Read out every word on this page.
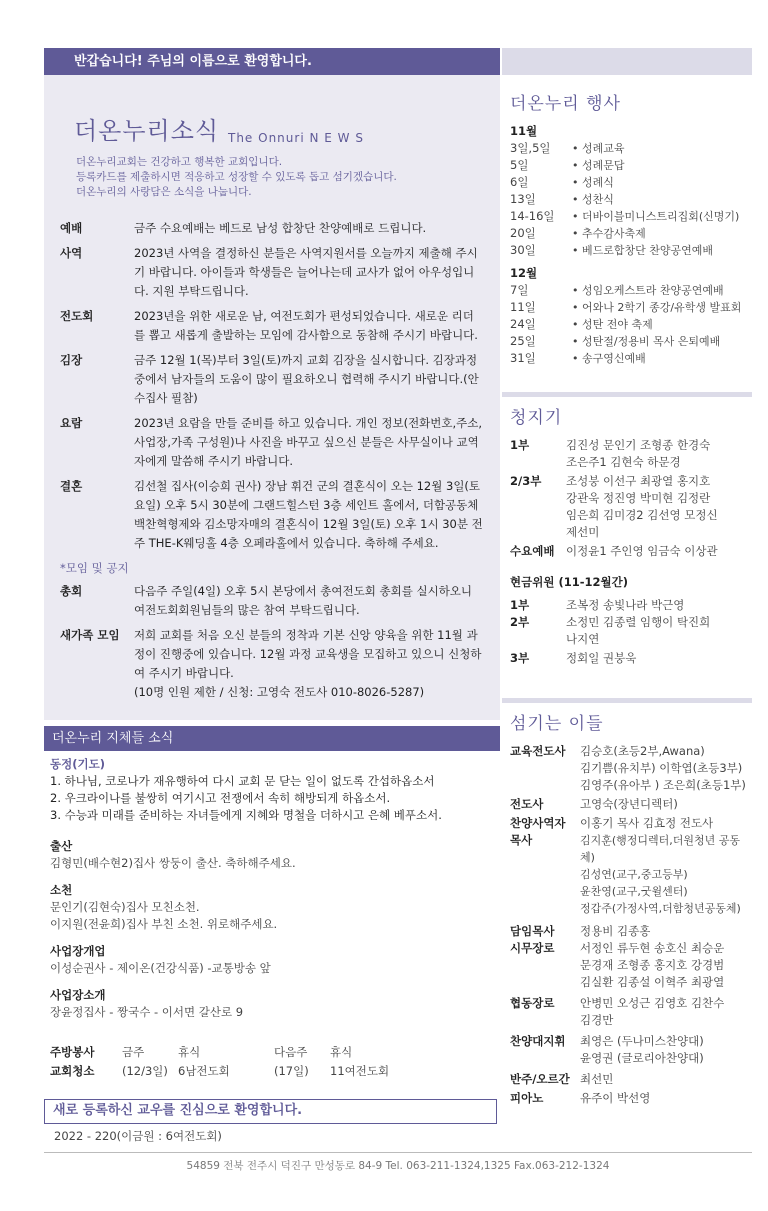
반갑습니다! 주님의 이름으로 환영합니다.
더온누리소식 The Onnuri N E W S
더온누리교회는 건강하고 행복한 교회입니다.
등록카드를 제출하시면 적응하고 성장할 수 있도록 돕고 섬기겠습니다.
더온누리의 사랑담은 소식을 나눕니다.
예배	금주 수요예배는 베드로 남성 합창단 찬양예배로 드립니다.
사역	2023년 사역을 결정하신 분들은 사역지원서를 오늘까지 제출해 주시
기 바랍니다. 아이들과 학생들은 늘어나는데 교사가 없어 아우성입니
다. 지원 부탁드립니다.
전도회	2023년을 위한 새로운 남, 여전도회가 편성되었습니다. 새로운 리더
를 뽑고 새롭게 출발하는 모임에 감사함으로 동참해 주시기 바랍니다.
김장	금주 12월 1(목)부터 3일(토)까지 교회 김장을 실시합니다. 김장과정
중에서 남자들의 도움이 많이 필요하오니 협력해 주시기 바랍니다.(안
수집사 필참)
요람	2023년 요람을 만들 준비를 하고 있습니다. 개인 정보(전화번호,주소,
사업장,가족 구성원)나 사진을 바꾸고 싶으신 분들은 사무실이나 교역
자에게 말씀해 주시기 바랍니다.
결혼	김선철 집사(이승희 권사) 장남 휘건 군의 결혼식이 오는 12월 3일(토
요일) 오후 5시 30분에 그랜드힐스턴 3층 세인트 홀에서, 더함공동체
백찬혁형제와 김소망자매의 결혼식이 12월 3일(토) 오후 1시 30분 전
주 THE-K웨딩홀 4층 오페라홀에서 있습니다. 축하해 주세요.
*모임 및 공지
총회	다음주 주일(4일) 오후 5시 본당에서 총여전도회 총회를 실시하오니
여전도회회원님들의 많은 참여 부탁드립니다.
새가족 모임	저희 교회를 처음 오신 분들의 정착과 기본 신앙 양육을 위한 11월 과
정이 진행중에 있습니다. 12월 과정 교육생을 모집하고 있으니 신청하
여 주시기 바랍니다.
(10명 인원 제한 / 신청: 고영숙 전도사 010-8026-5287)
더온누리 지체들 소식
동정(기도)
1. 하나님, 코로나가 재유행하여 다시 교회 문 닫는 일이 없도록 간섭하옵소서
2. 우크라이나를 불쌍히 여기시고 전쟁에서 속히 해방되게 하옵소서.
3. 수능과 미래를 준비하는 자녀들에게 지혜와 명철을 더하시고 은혜 베푸소서.
출산
김형민(배수현2)집사 쌍둥이 출산. 축하해주세요.
소천
문인기(김현숙)집사 모친소천.
이지원(전윤희)집사 부친 소천. 위로해주세요.
사업장개업
이성순권사 - 제이온(건강식품) -교통방송 앞
사업장소개
장윤정집사 - 짱국수 - 이서면 갈산로 9
주방봉사	금주	휴식	다음주	휴식
교회청소	(12/3일) 6남전도회	(17일)	11여전도회
새로 등록하신 교우를 진심으로 환영합니다.
2022 - 220(이금원 : 6여전도회)
54859 전북 전주시 덕진구 만성동로 84-9 Tel. 063-211-1324,1325 Fax.063-212-1324
더온누리 행사
11월
3일,5일	• 성례교육
5일	• 성례문답
6일	• 성례식
13일	• 성찬식
14-16일	• 더바이블미니스트리집회(신명기)
20일	• 추수감사축제
30일	• 베드로합창단 찬양공연예배
12월
7일	• 성임오케스트라 찬양공연예배
11일	• 어와나 2학기 종강/유학생 발표회
24일	• 성탄 전야 축제
25일	• 성탄절/정용비 목사 은퇴예배
31일	• 송구영신예배
청지기
1부	김진성 문인기 조형종 한경숙
조은주1 김현숙 하문경
2/3부	조성붕 이선구 최광열 홍지호
강관욱 정진영 박미현 김정란
임은희 김미경2 김선영 모정신
제선미
수요예배	이정윤1 주인영 임금숙 이상관
현금위원 (11-12월간)
1부	조복정 송빛나라 박근영
2부	소정민 김종렬 임행이 탁진희
나지연
3부	정회일 권붕욱
섬기는 이들
교육전도사	김승호(초등2부,Awana)
김기쁨(유치부) 이학엽(초등3부)
김영주(유아부 ) 조은희(초등1부)
전도사	고영숙(장년디렉터)
찬양사역자	이홍기 목사 김효정 전도사
목사	김지훈(행정디렉터,더원청년 공동체)
김성연(교구,중고등부)
윤찬영(교구,굿윌센터)
정갑주(가정사역,더함청년공동체)
담임목사	정용비 김종홍
시무장로	서정인 류두현 송호신 최승운
문경재 조형종 홍지호 강경범
김실환 김종설 이혁주 최광열
협동장로	안병민 오성근 김영호 김찬수
김경만
찬양대지휘	최영은 (두나미스찬양대)
윤영권 (글로리아찬양대)
반주/오르간 최선민
피아노	유주이 박선영
